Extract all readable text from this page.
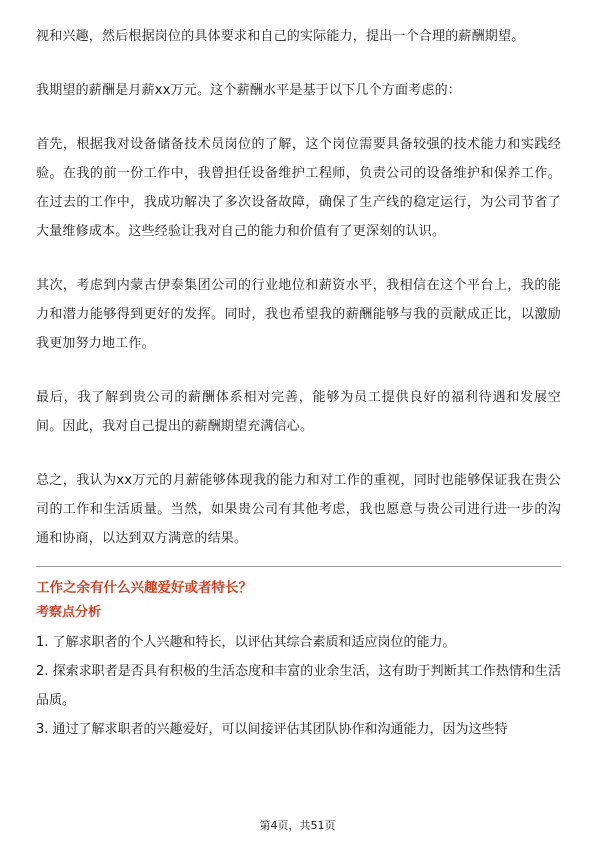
视和兴趣，然后根据岗位的具体要求和自己的实际能力，提出一个合理的薪酬期望。

我期望的薪酬是月薪xx万元。这个薪酬水平是基于以下几个方面考虑的：

首先，根据我对设备储备技术员岗位的了解，这个岗位需要具备较强的技术能力和实践经验。在我的前一份工作中，我曾担任设备维护工程师，负责公司的设备维护和保养工作。在过去的工作中，我成功解决了多次设备故障，确保了生产线的稳定运行，为公司节省了大量维修成本。这些经验让我对自己的能力和价值有了更深刻的认识。

其次，考虑到内蒙古伊泰集团公司的行业地位和薪资水平，我相信在这个平台上，我的能力和潜力能够得到更好的发挥。同时，我也希望我的薪酬能够与我的贡献成正比，以激励我更加努力地工作。

最后，我了解到贵公司的薪酬体系相对完善，能够为员工提供良好的福利待遇和发展空间。因此，我对自己提出的薪酬期望充满信心。

总之，我认为xx万元的月薪能够体现我的能力和对工作的重视，同时也能够保证我在贵公司的工作和生活质量。当然，如果贵公司有其他考虑，我也愿意与贵公司进行进一步的沟通和协商，以达到双方满意的结果。

工作之余有什么兴趣爱好或者特长？
考察点分析
1. 了解求职者的个人兴趣和特长，以评估其综合素质和适应岗位的能力。
2. 探索求职者是否具有积极的生活态度和丰富的业余生活，这有助于判断其工作热情和生活品质。
3. 通过了解求职者的兴趣爱好，可以间接评估其团队协作和沟通能力，因为这些特
第4页，共51页
